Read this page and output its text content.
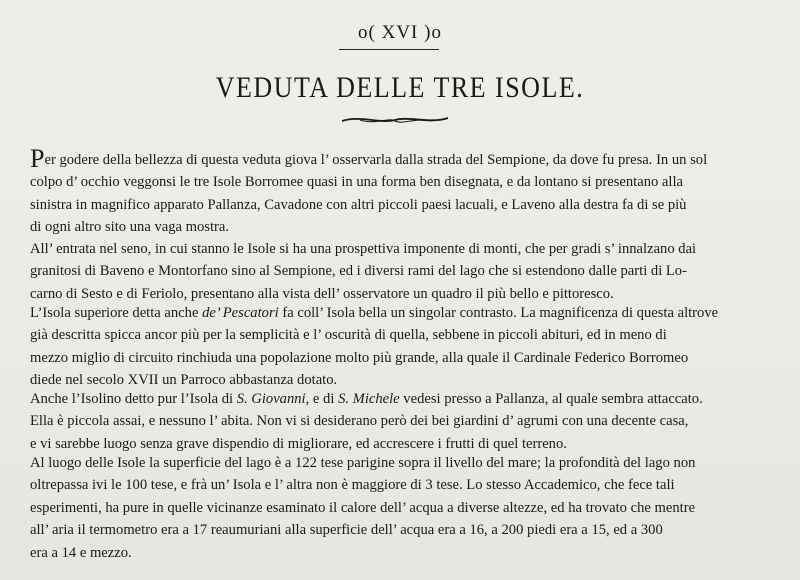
o( XVI )o
VEDUTA DELLE TRE ISOLE.

Per godere della bellezza di questa veduta giova l’ osservarla dalla strada del Sempione, da dove fu presa. In un sol
colpo d’ occhio veggonsi le tre Isole Borromee quasi in una forma ben disegnata, e da lontano si presentano alla
sinistra in magnifico apparato Pallanza, Cavadone con altri piccoli paesi lacuali, e Laveno alla destra fa di se più
di ogni altro sito una vaga mostra.

All’ entrata nel seno, in cui stanno le Isole si ha una prospettiva imponente di monti, che per gradi s’ innalzano dai
granitosi di Baveno e Montorfano sino al Sempione, ed i diversi rami del lago che si estendono dalle parti di Lo-
carno di Sesto e di Feriolo, presentano alla vista dell’ osservatore un quadro il più bello e pittoresco.

L’Isola superiore detta anche de’ Pescatori fa coll’ Isola bella un singolar contrasto. La magnificenza di questa altrove
già descritta spicca ancor più per la semplicità e l’ oscurità di quella, sebbene in piccoli abituri, ed in meno di
mezzo miglio di circuito rinchiuda una popolazione molto più grande, alla quale il Cardinale Federico Borromeo
diede nel secolo XVII un Parroco abbastanza dotato.

Anche l’Isolino detto pur l’Isola di S. Giovanni, e di S. Michele vedesi presso a Pallanza, al quale sembra attaccato.
Ella è piccola assai, e nessuno l’ abita. Non vi si desiderano però dei bei giardini d’ agrumi con una decente casa,
e vi sarebbe luogo senza grave dispendio di migliorare, ed accrescere i frutti di quel terreno.

Al luogo delle Isole la superficie del lago è a 122 tese parigine sopra il livello del mare; la profondità del lago non
oltrepassa ivi le 100 tese, e frà un’ Isola e l’ altra non è maggiore di 3 tese. Lo stesso Accademico, che fece tali
esperimenti, ha pure in quelle vicinanze esaminato il calore dell’ acqua a diverse altezze, ed ha trovato che mentre
all’ aria il termometro era a 17 reaumuriani alla superficie dell’ acqua era a 16, a 200 piedi era a 15, ed a 300
era a 14 e mezzo.
